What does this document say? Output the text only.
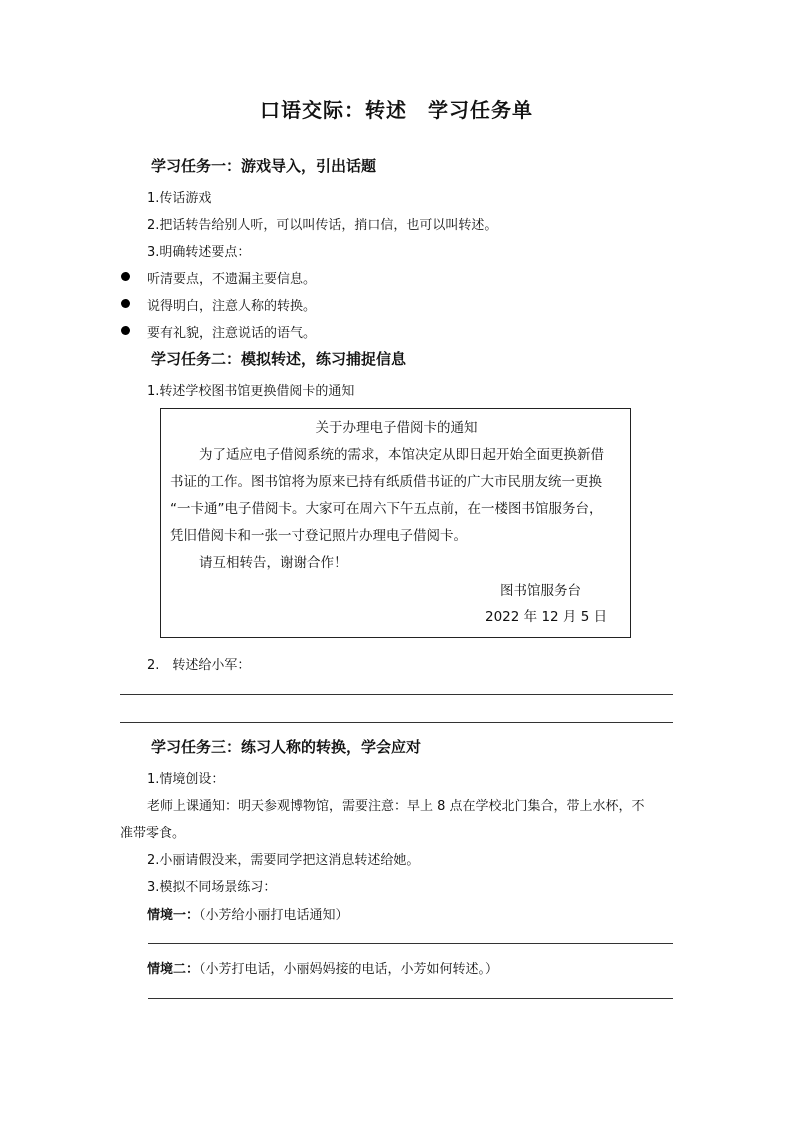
口语交际：转述　学习任务单
学习任务一：游戏导入，引出话题
1.传话游戏
2.把话转告给别人听，可以叫传话，捎口信，也可以叫转述。
3.明确转述要点：
听清要点，不遗漏主要信息。
说得明白，注意人称的转换。
要有礼貌，注意说话的语气。
学习任务二：模拟转述，练习捕捉信息
1.转述学校图书馆更换借阅卡的通知
关于办理电子借阅卡的通知
为了适应电子借阅系统的需求，本馆决定从即日起开始全面更换新借
书证的工作。图书馆将为原来已持有纸质借书证的广大市民朋友统一更换
“一卡通”电子借阅卡。大家可在周六下午五点前，在一楼图书馆服务台，
凭旧借阅卡和一张一寸登记照片办理电子借阅卡。
请互相转告，谢谢合作！
图书馆服务台
2022 年 12 月 5 日
2.　转述给小军：
学习任务三：练习人称的转换，学会应对
1.情境创设：
老师上课通知：明天参观博物馆，需要注意：早上 8 点在学校北门集合，带上水杯，不
准带零食。
2.小丽请假没来，需要同学把这消息转述给她。
3.模拟不同场景练习：
情境一：（小芳给小丽打电话通知）
情境二：（小芳打电话，小丽妈妈接的电话，小芳如何转述。）
